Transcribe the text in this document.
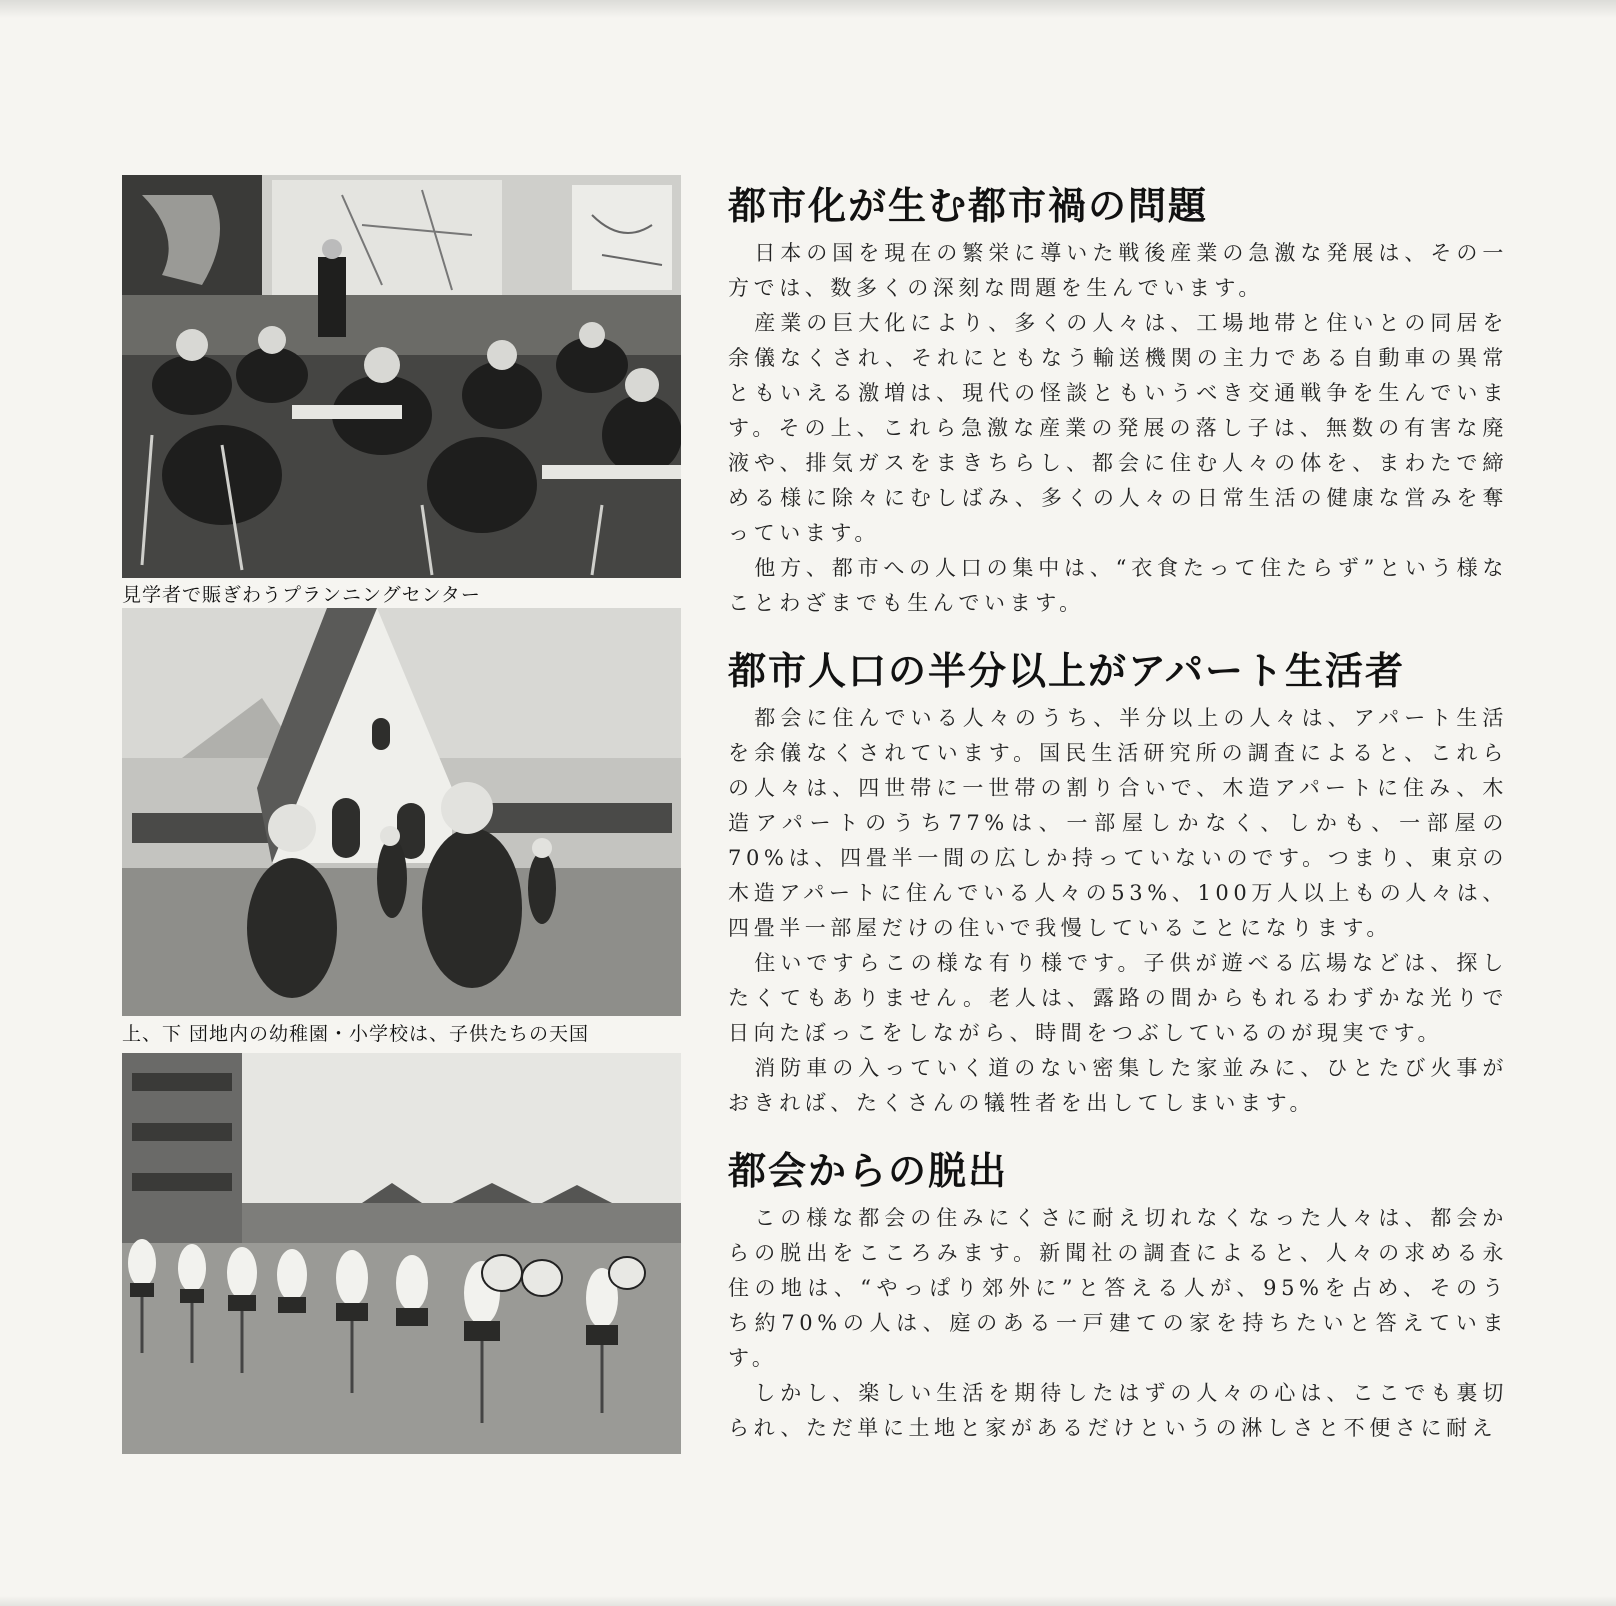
見学者で賑ぎわうプランニングセンター
上、下 団地内の幼稚園・小学校は、子供たちの天国
都市化が生む都市禍の問題

日本の国を現在の繁栄に導いた戦後産業の急激な発展は、その一方では、数多くの深刻な問題を生んでいます。

産業の巨大化により、多くの人々は、工場地帯と住いとの同居を余儀なくされ、それにともなう輸送機関の主力である自動車の異常ともいえる激増は、現代の怪談ともいうべき交通戦争を生んでいます。その上、これら急激な産業の発展の落し子は、無数の有害な廃液や、排気ガスをまきちらし、都会に住む人々の体を、まわたで締める様に除々にむしばみ、多くの人々の日常生活の健康な営みを奪っています。

他方、都市への人口の集中は、“衣食たって住たらず”という様なことわざまでも生んでいます。

都市人口の半分以上がアパート生活者

都会に住んでいる人々のうち、半分以上の人々は、アパート生活を余儀なくされています。国民生活研究所の調査によると、これらの人々は、四世帯に一世帯の割り合いで、木造アパートに住み、木造アパートのうち77%は、一部屋しかなく、しかも、一部屋の70%は、四畳半一間の広しか持っていないのです。つまり、東京の木造アパートに住んでいる人々の53%、100万人以上もの人々は、四畳半一部屋だけの住いで我慢していることになります。

住いですらこの様な有り様です。子供が遊べる広場などは、探したくてもありません。老人は、露路の間からもれるわずかな光りで日向たぼっこをしながら、時間をつぶしているのが現実です。

消防車の入っていく道のない密集した家並みに、ひとたび火事がおきれば、たくさんの犠牲者を出してしまいます。

都会からの脱出

この様な都会の住みにくさに耐え切れなくなった人々は、都会からの脱出をこころみます。新聞社の調査によると、人々の求める永住の地は、“やっぱり郊外に”と答える人が、95%を占め、そのうち約70%の人は、庭のある一戸建ての家を持ちたいと答えています。

しかし、楽しい生活を期待したはずの人々の心は、ここでも裏切られ、ただ単に土地と家があるだけというの淋しさと不便さに耐え
